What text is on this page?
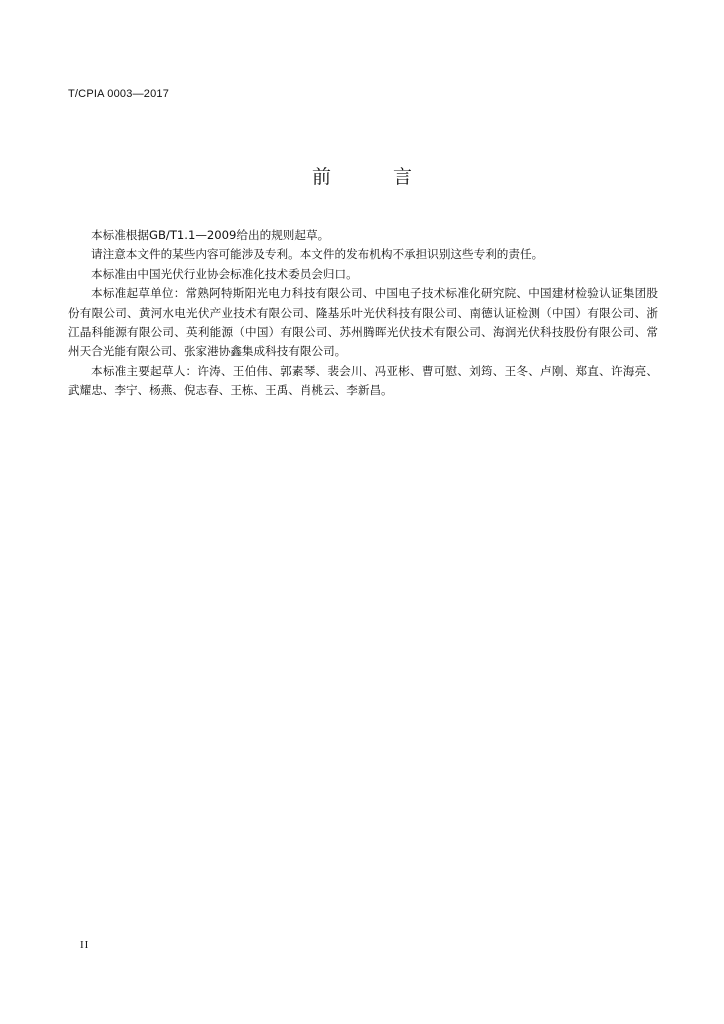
T/CPIA 0003—2017
前 言

本标准根据GB/T1.1—2009给出的规则起草。

请注意本文件的某些内容可能涉及专利。本文件的发布机构不承担识别这些专利的责任。

本标准由中国光伏行业协会标准化技术委员会归口。

本标准起草单位：常熟阿特斯阳光电力科技有限公司、中国电子技术标准化研究院、中国建材检验认证集团股份有限公司、黄河水电光伏产业技术有限公司、隆基乐叶光伏科技有限公司、南德认证检测（中国）有限公司、浙江晶科能源有限公司、英利能源（中国）有限公司、苏州腾晖光伏技术有限公司、海润光伏科技股份有限公司、常州天合光能有限公司、张家港协鑫集成科技有限公司。

本标准主要起草人：许涛、王伯伟、郭素琴、裴会川、冯亚彬、曹可慰、刘筠、王冬、卢刚、郑直、许海亮、武耀忠、李宁、杨燕、倪志春、王栋、王禹、肖桃云、李新昌。

II
